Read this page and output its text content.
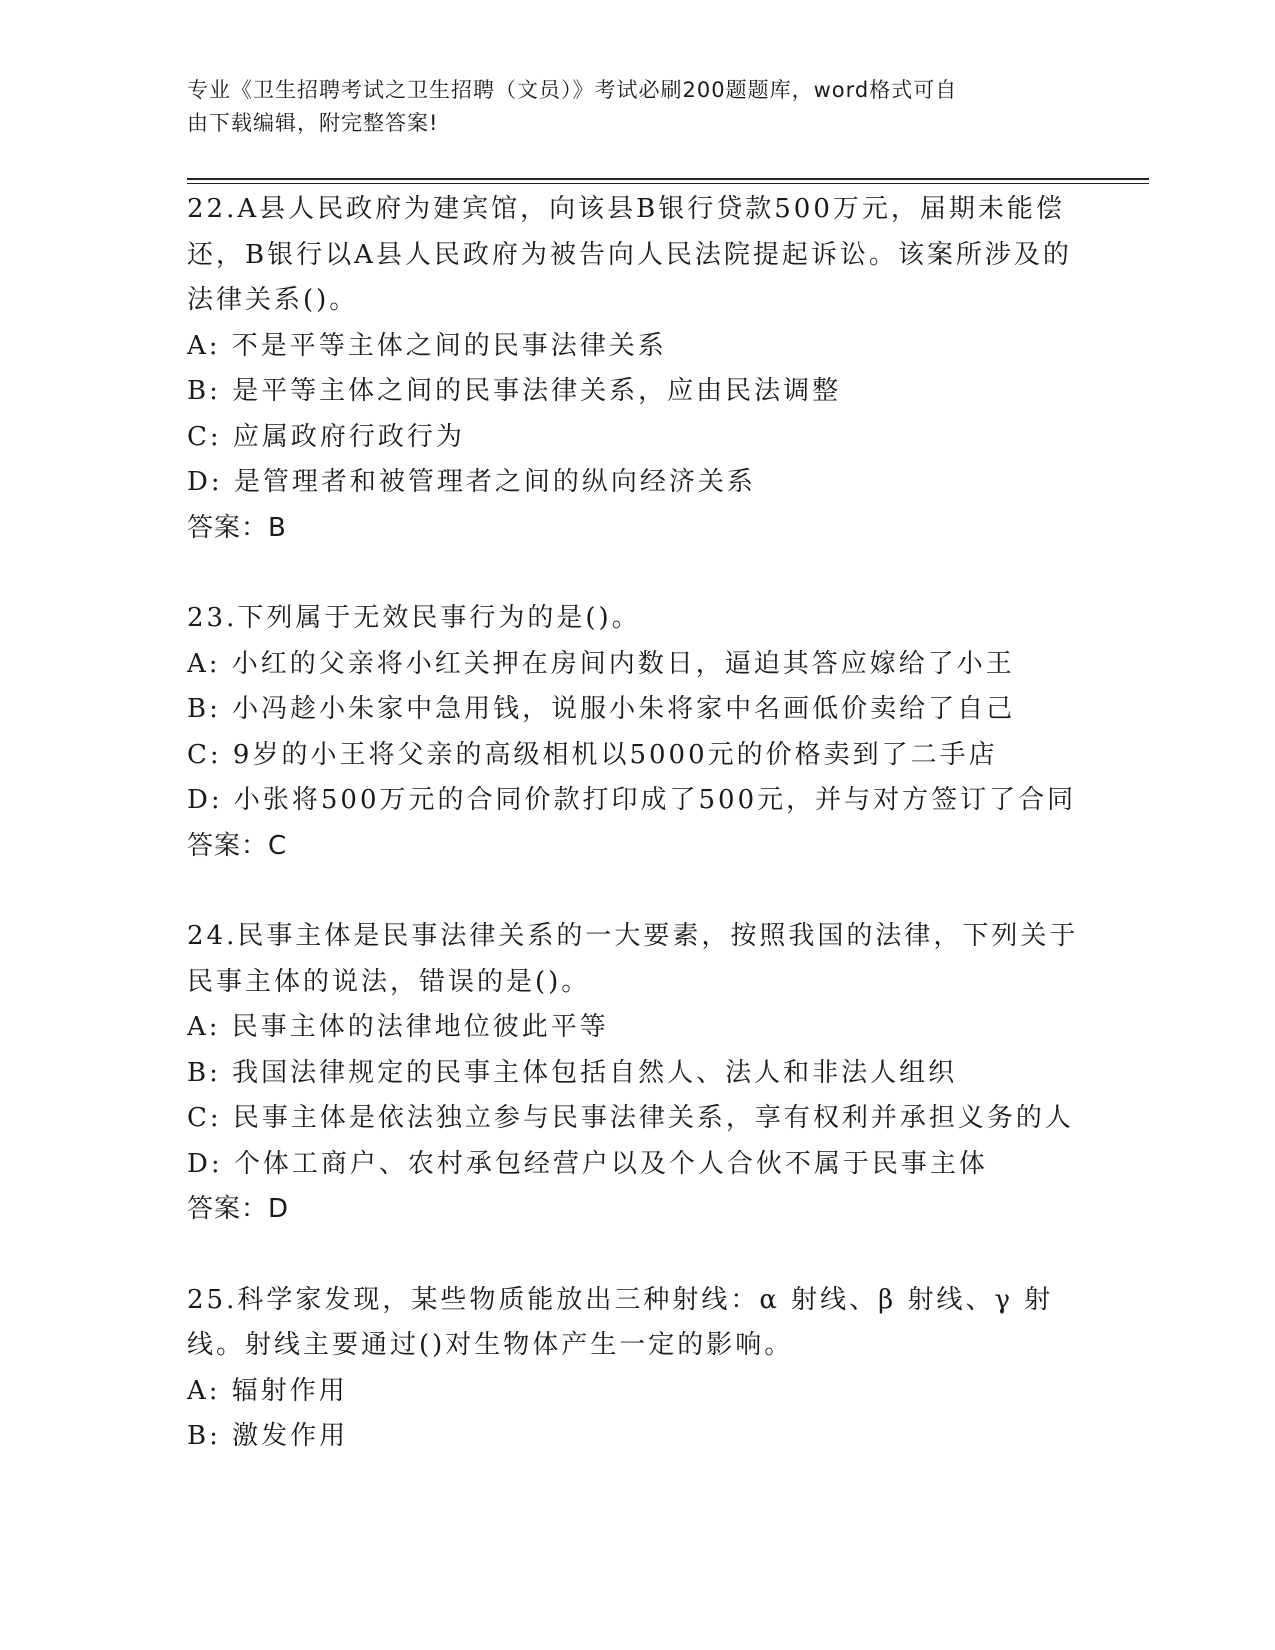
专业《卫生招聘考试之卫生招聘（文员）》考试必刷200题题库，word格式可自
由下载编辑，附完整答案!

22.A县人民政府为建宾馆，向该县B银行贷款500万元，届期未能偿

还，B银行以A县人民政府为被告向人民法院提起诉讼。该案所涉及的

法律关系()。

A: 不是平等主体之间的民事法律关系

B: 是平等主体之间的民事法律关系，应由民法调整

C: 应属政府行政行为

D: 是管理者和被管理者之间的纵向经济关系

答案：B

23.下列属于无效民事行为的是()。

A: 小红的父亲将小红关押在房间内数日，逼迫其答应嫁给了小王

B: 小冯趁小朱家中急用钱，说服小朱将家中名画低价卖给了自己

C: 9岁的小王将父亲的高级相机以5000元的价格卖到了二手店

D: 小张将500万元的合同价款打印成了500元，并与对方签订了合同

答案：C

24.民事主体是民事法律关系的一大要素，按照我国的法律，下列关于

民事主体的说法，错误的是()。

A: 民事主体的法律地位彼此平等

B: 我国法律规定的民事主体包括自然人、法人和非法人组织

C: 民事主体是依法独立参与民事法律关系，享有权利并承担义务的人

D: 个体工商户、农村承包经营户以及个人合伙不属于民事主体

答案：D

25.科学家发现，某些物质能放出三种射线：α 射线、β 射线、γ 射

线。射线主要通过()对生物体产生一定的影响。

A: 辐射作用

B: 激发作用
